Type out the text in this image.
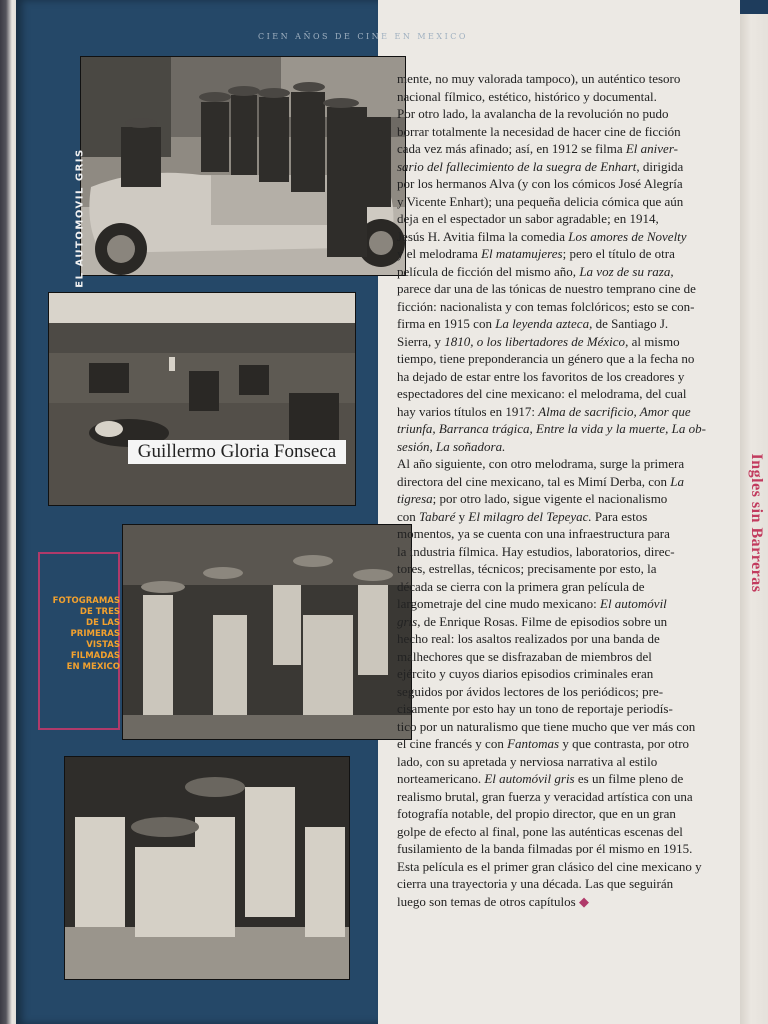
CIEN AÑOS DE CINE EN MEXICO
EL AUTOMOVIL GRIS
Guillermo Gloria Fonseca
FOTOGRAMAS
DE TRES
DE LAS
PRIMERAS
VISTAS
FILMADAS
EN MEXICO
mente, no muy valorada tampoco), un auténtico tesoro
nacional fílmico, estético, histórico y documental.
Por otro lado, la avalancha de la revolución no pudo
borrar totalmente la necesidad de hacer cine de ficción
cada vez más afinado; así, en 1912 se filma El aniver-
sario del fallecimiento de la suegra de Enhart, dirigida
por los hermanos Alva (y con los cómicos José Alegría
y Vicente Enhart); una pequeña delicia cómica que aún
deja en el espectador un sabor agradable; en 1914,
Jesús H. Avitia filma la comedia Los amores de Novelty
y el melodrama El matamujeres; pero el título de otra
película de ficción del mismo año, La voz de su raza,
parece dar una de las tónicas de nuestro temprano cine de
ficción: nacionalista y con temas folclóricos; esto se con-
firma en 1915 con La leyenda azteca, de Santiago J.
Sierra, y 1810, o los libertadores de México, al mismo
tiempo, tiene preponderancia un género que a la fecha no
ha dejado de estar entre los favoritos de los creadores y
espectadores del cine mexicano: el melodrama, del cual
hay varios títulos en 1917: Alma de sacrificio, Amor que
triunfa, Barranca trágica, Entre la vida y la muerte, La ob-
sesión, La soñadora.
Al año siguiente, con otro melodrama, surge la primera
directora del cine mexicano, tal es Mimí Derba, con La
tigresa; por otro lado, sigue vigente el nacionalismo
con Tabaré y El milagro del Tepeyac. Para estos
momentos, ya se cuenta con una infraestructura para
la industria fílmica. Hay estudios, laboratorios, direc-
tores, estrellas, técnicos; precisamente por esto, la
década se cierra con la primera gran película de
largometraje del cine mudo mexicano: El automóvil
gris, de Enrique Rosas. Filme de episodios sobre un
hecho real: los asaltos realizados por una banda de
malhechores que se disfrazaban de miembros del
ejército y cuyos diarios episodios criminales eran
seguidos por ávidos lectores de los periódicos; pre-
cisamente por esto hay un tono de reportaje periodís-
tico por un naturalismo que tiene mucho que ver más con
el cine francés y con Fantomas y que contrasta, por otro
lado, con su apretada y nerviosa narrativa al estilo
norteamericano. El automóvil gris es un filme pleno de
realismo brutal, gran fuerza y veracidad artística con una
fotografía notable, del propio director, que en un gran
golpe de efecto al final, pone las auténticas escenas del
fusilamiento de la banda filmadas por él mismo en 1915.
Esta película es el primer gran clásico del cine mexicano y
cierra una trayectoria y una década. Las que seguirán
luego son temas de otros capítulos ◆
Ingles sin Barreras
